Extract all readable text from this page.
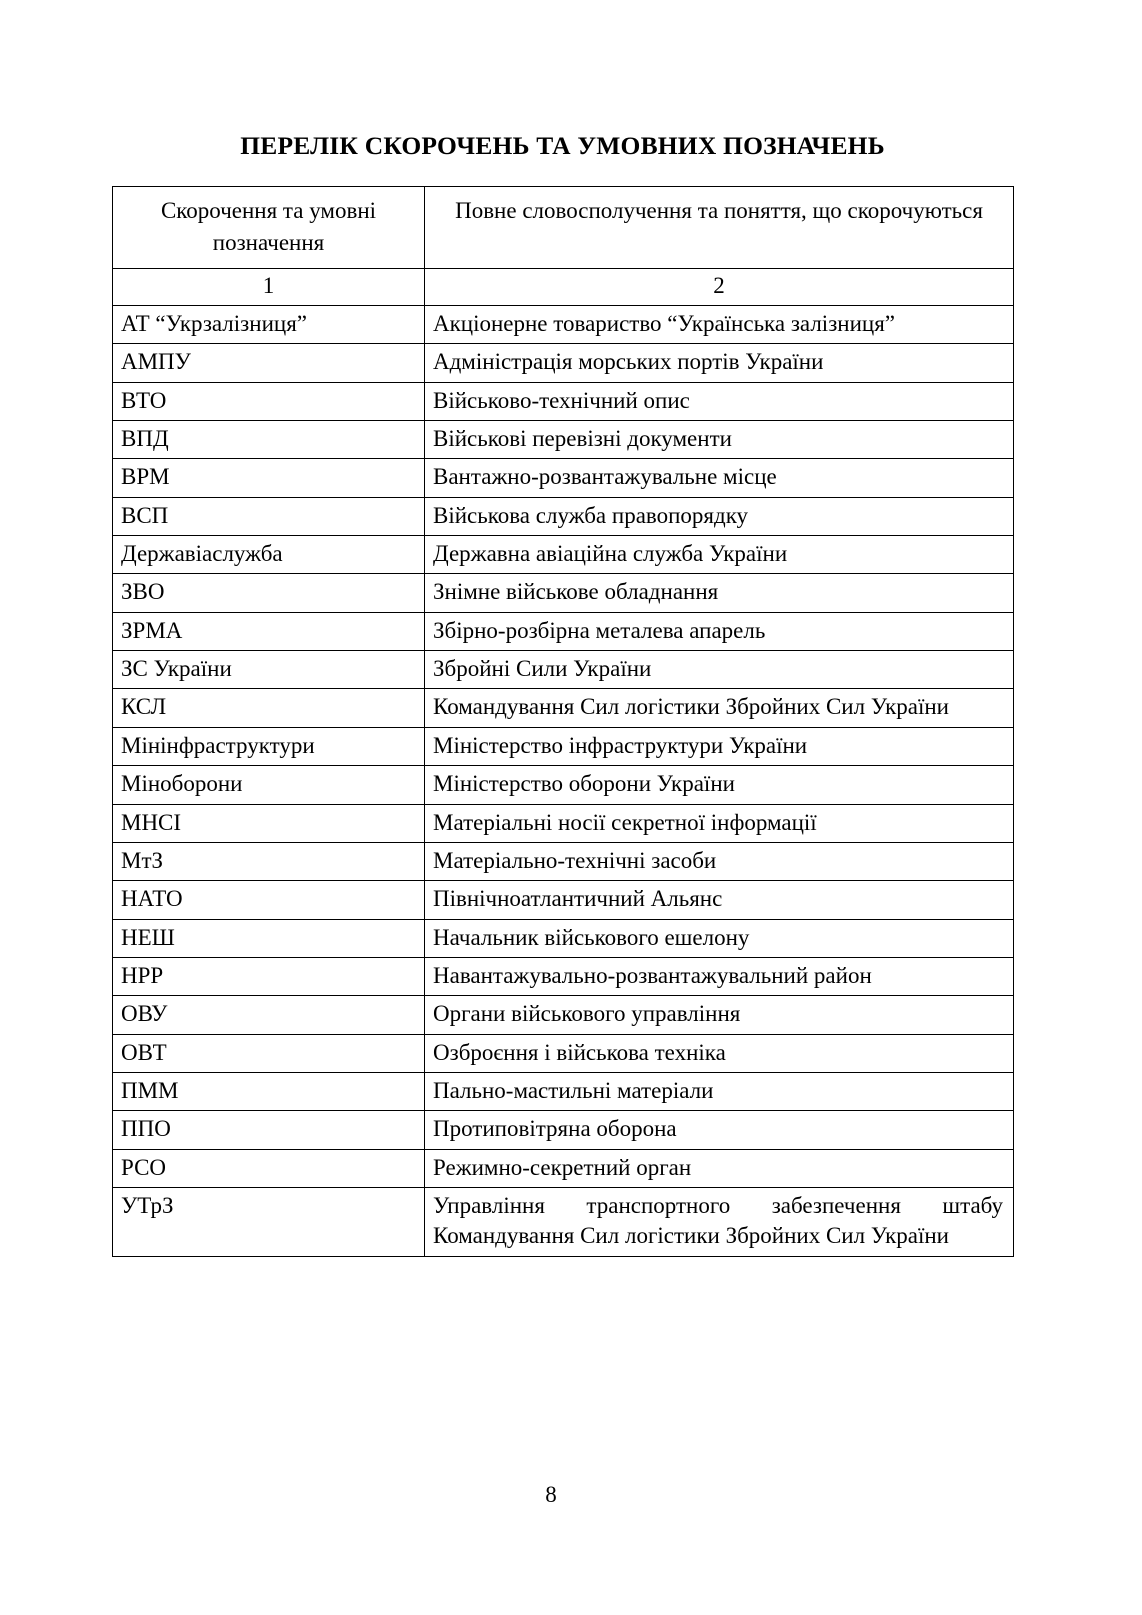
ПЕРЕЛІК СКОРОЧЕНЬ ТА УМОВНИХ ПОЗНАЧЕНЬ
Скорочення та умовні позначення	Повне словосполучення та поняття, що скорочуються
1	2
АТ “Укрзалізниця”	Акціонерне товариство “Українська залізниця”
АМПУ	Адміністрація морських портів України
ВТО	Військово-технічний опис
ВПД	Військові перевізні документи
ВРМ	Вантажно-розвантажувальне місце
ВСП	Військова служба правопорядку
Державіаслужба	Державна авіаційна служба України
ЗВО	Знімне військове обладнання
ЗРМА	Збірно-розбірна металева апарель
ЗС України	Збройні Сили України
КСЛ	Командування Сил логістики Збройних Сил України
Мінінфраструктури	Міністерство інфраструктури України
Міноборони	Міністерство оборони України
МНСІ	Матеріальні носії секретної інформації
МтЗ	Матеріально-технічні засоби
НАТО	Північноатлантичний Альянс
НЕШ	Начальник військового ешелону
НРР	Навантажувально-розвантажувальний район
ОВУ	Органи військового управління
ОВТ	Озброєння і військова техніка
ПММ	Пально-мастильні матеріали
ППО	Протиповітряна оборона
РСО	Режимно-секретний орган
УТрЗ	Управління транспортного забезпечення штабу Командування Сил логістики Збройних Сил України
8
